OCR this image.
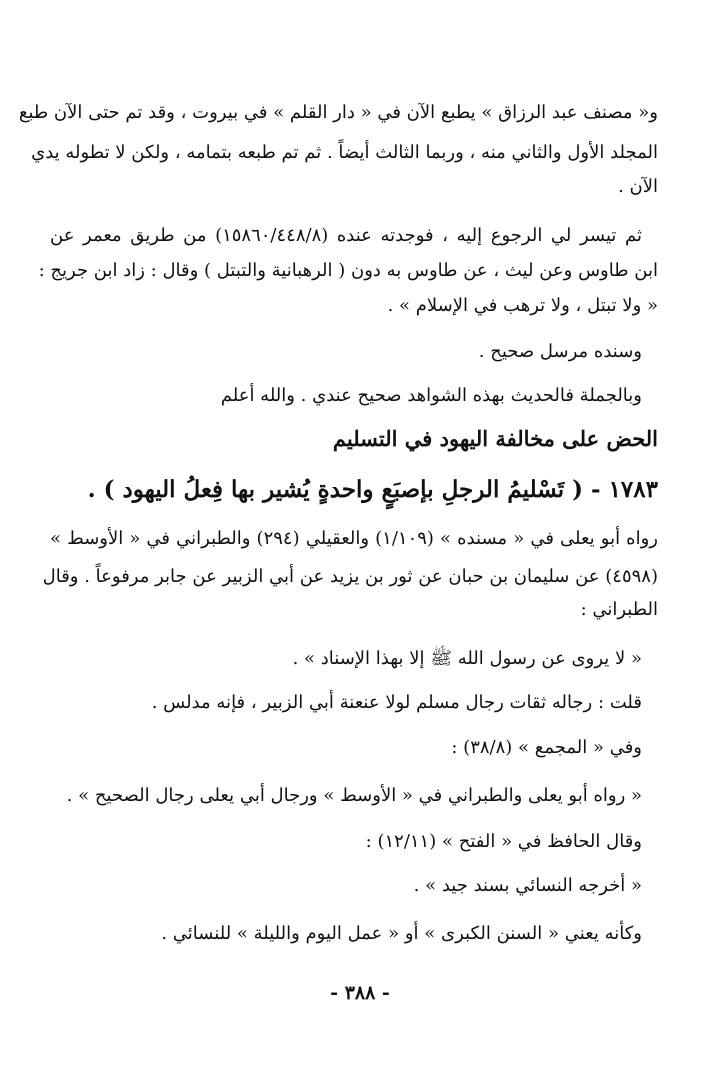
و« مصنف عبد الرزاق » يطبع الآن في « دار القلم » في بيروت ، وقد تم حتى الآن طبع
المجلد الأول والثاني منه ، وربما الثالث أيضاً . ثم تم طبعه بتمامه ، ولكن لا تطوله يدي
الآن .
ثم تيسر لي الرجوع إليه ، فوجدته عنده (١٥٨٦٠/٤٤٨/٨) من طريق معمر عن
ابن طاوس وعن ليث ، عن طاوس به دون ( الرهبانية والتبتل ) وقال : زاد ابن جريج :
« ولا تبتل ، ولا ترهب في الإسلام » .
وسنده مرسل صحيح .
وبالجملة فالحديث بهذه الشواهد صحيح عندي . والله أعلم
الحض على مخالفة اليهود في التسليم
١٧٨٣ - ( تَسْليمُ الرجلِ بإصبَعٍ واحدةٍ يُشير بها فِعلُ اليهود ) .
رواه أبو يعلى في « مسنده » (١/١٠٩) والعقيلي (٢٩٤) والطبراني في « الأوسط »
(٤٥٩٨) عن سليمان بن حبان عن ثور بن يزيد عن أبي الزبير عن جابر مرفوعاً . وقال
الطبراني :
« لا يروى عن رسول الله ﷺ إلا بهذا الإسناد » .
قلت : رجاله ثقات رجال مسلم لولا عنعنة أبي الزبير ، فإنه مدلس .
وفي « المجمع » (٣٨/٨) :
« رواه أبو يعلى والطبراني في « الأوسط » ورجال أبي يعلى رجال الصحيح » .
وقال الحافظ في « الفتح » (١٢/١١) :
« أخرجه النسائي بسند جيد » .
وكأنه يعني « السنن الكبرى » أو « عمل اليوم والليلة » للنسائي .
- ٣٨٨ -
